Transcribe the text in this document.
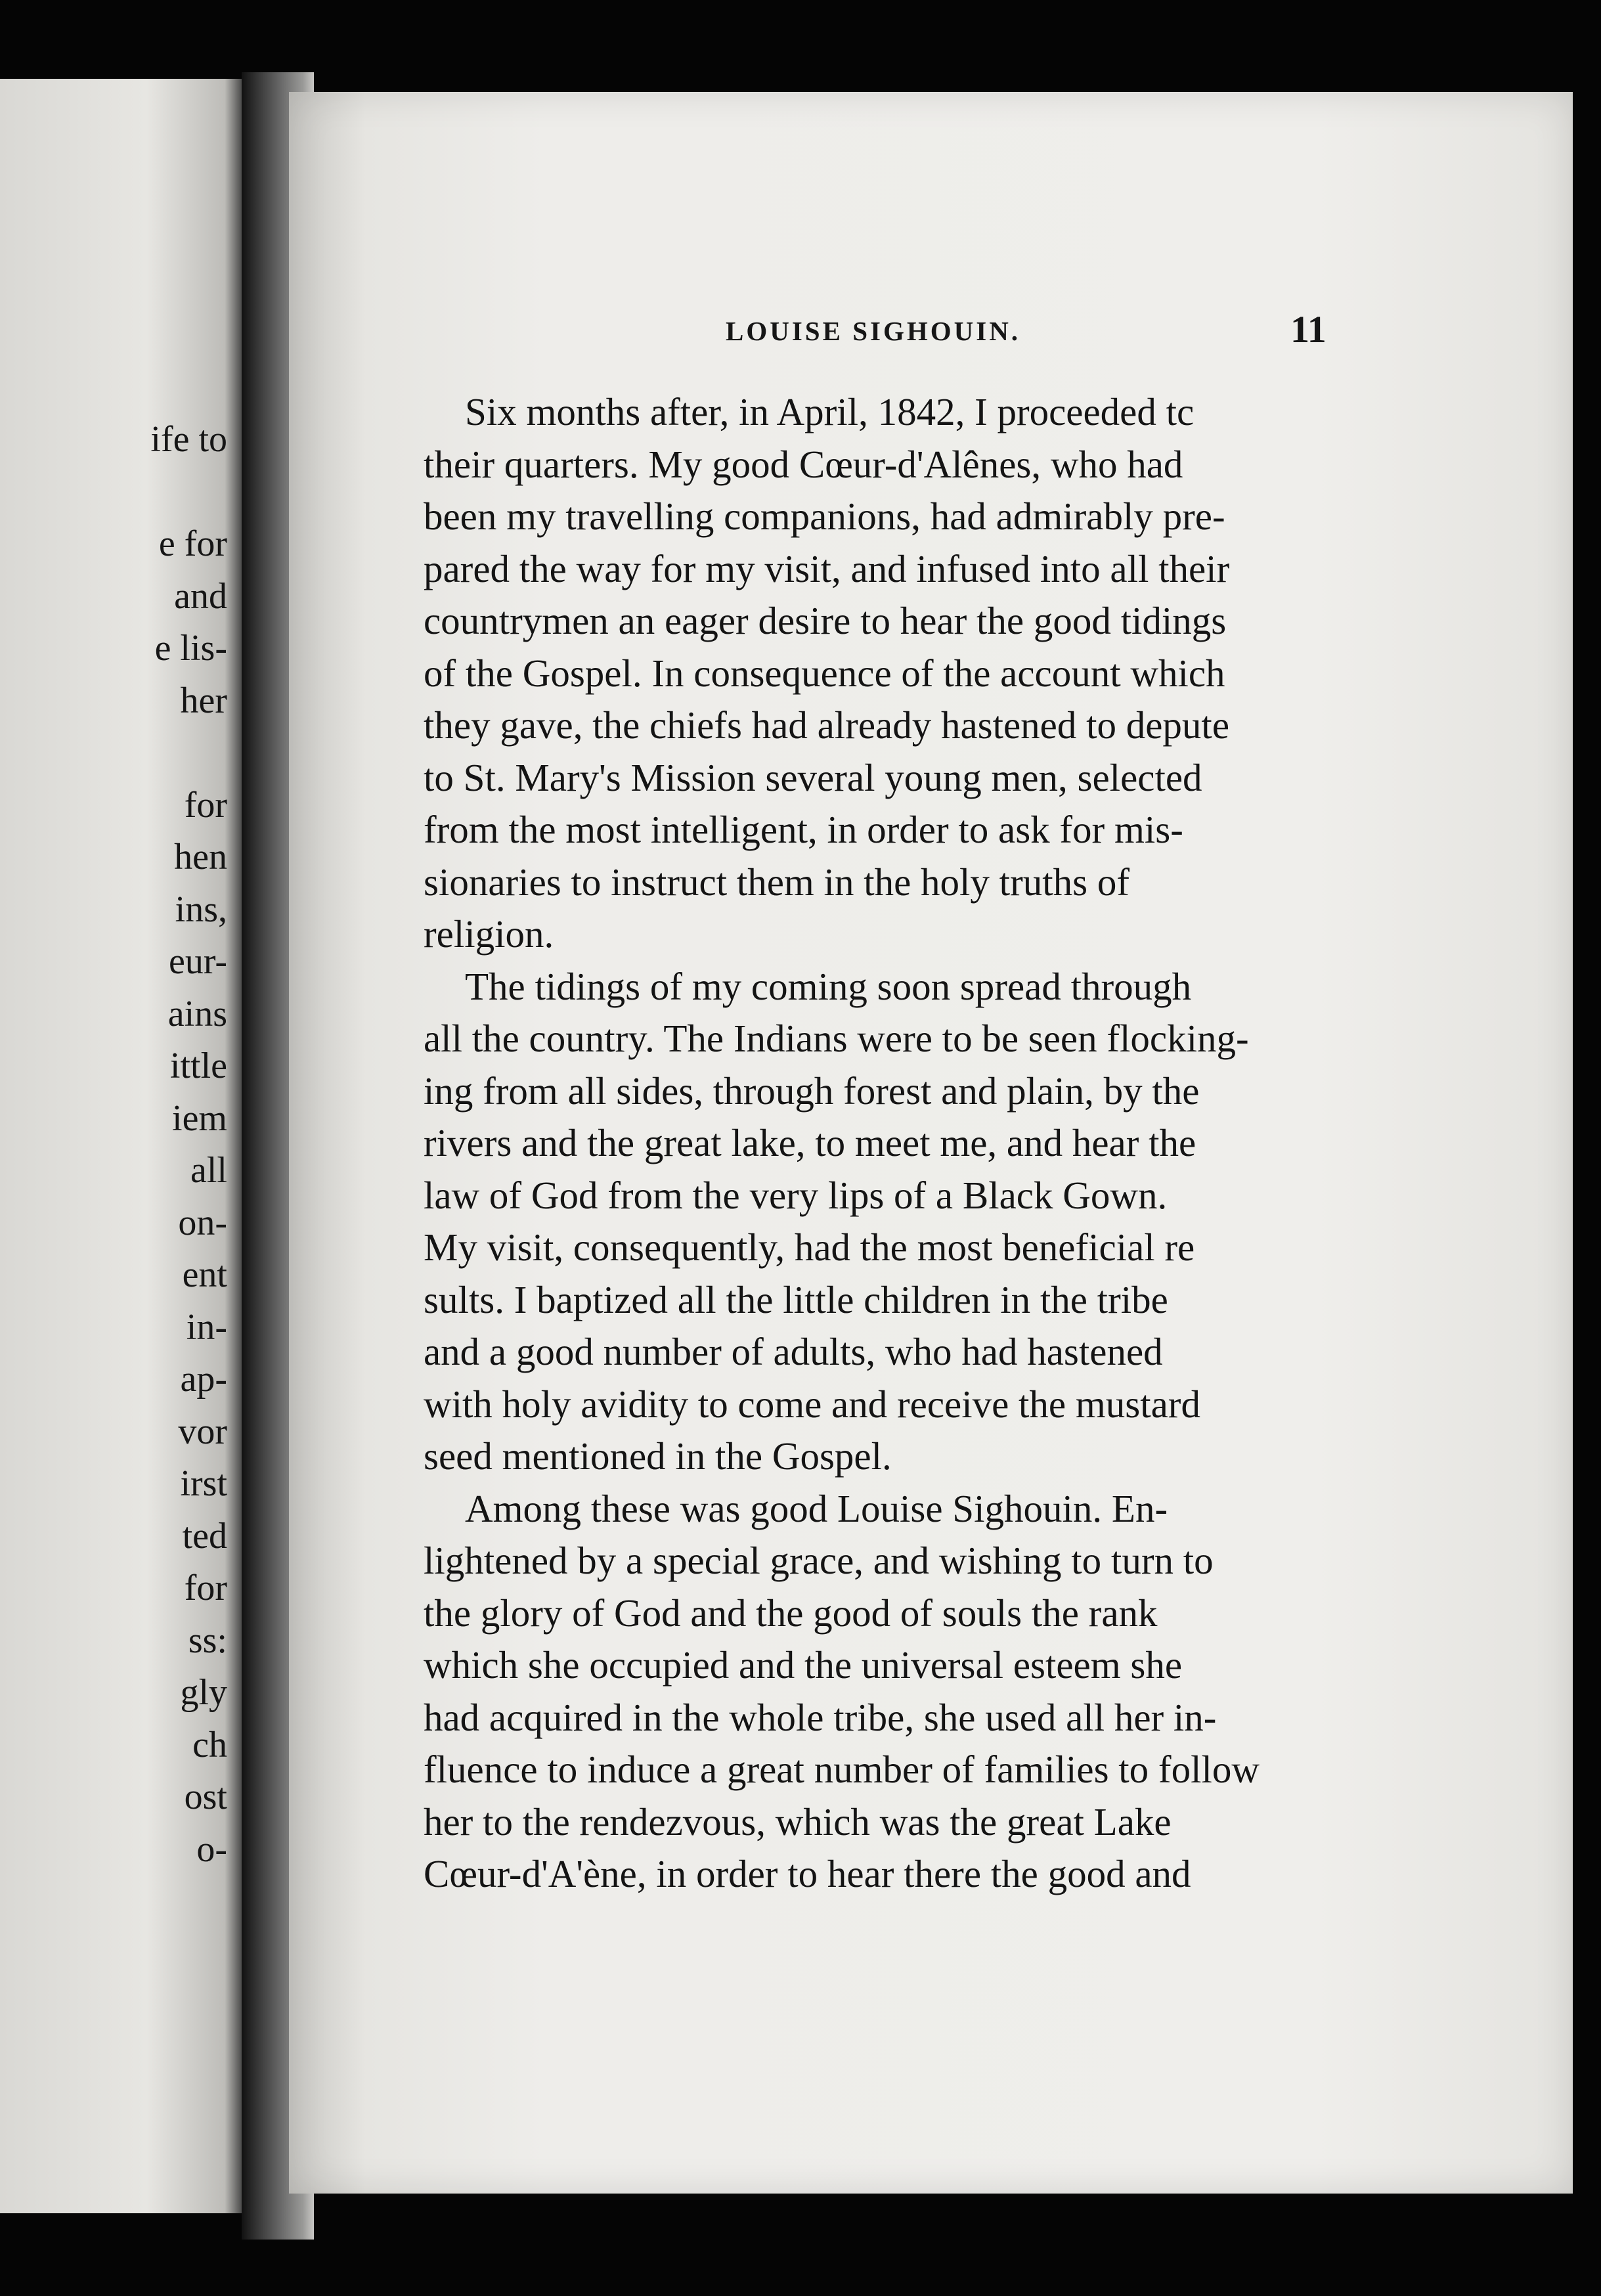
ife to
e for
and
e lis-
her
for
hen
ins,
eur-
ains
ittle
iem
all
on-
ent
in-
ap-
vor
irst
ted
for
ss:
gly
ch
ost
o-
LOUISE SIGHOUIN.	11
Six months after, in April, 1842, I proceeded tc
their quarters. My good Cœur-d'Alênes, who had
been my travelling companions, had admirably pre-
pared the way for my visit, and infused into all their
countrymen an eager desire to hear the good tidings
of the Gospel. In consequence of the account which
they gave, the chiefs had already hastened to depute
to St. Mary's Mission several young men, selected
from the most intelligent, in order to ask for mis-
sionaries to instruct them in the holy truths of
religion.
The tidings of my coming soon spread through
all the country. The Indians were to be seen flocking-
ing from all sides, through forest and plain, by the
rivers and the great lake, to meet me, and hear the
law of God from the very lips of a Black Gown.
My visit, consequently, had the most beneficial re
sults. I baptized all the little children in the tribe
and a good number of adults, who had hastened
with holy avidity to come and receive the mustard
seed mentioned in the Gospel.
Among these was good Louise Sighouin. En-
lightened by a special grace, and wishing to turn to
the glory of God and the good of souls the rank
which she occupied and the universal esteem she
had acquired in the whole tribe, she used all her in-
fluence to induce a great number of families to follow
her to the rendezvous, which was the great Lake
Cœur-d'A'ène, in order to hear there the good and
